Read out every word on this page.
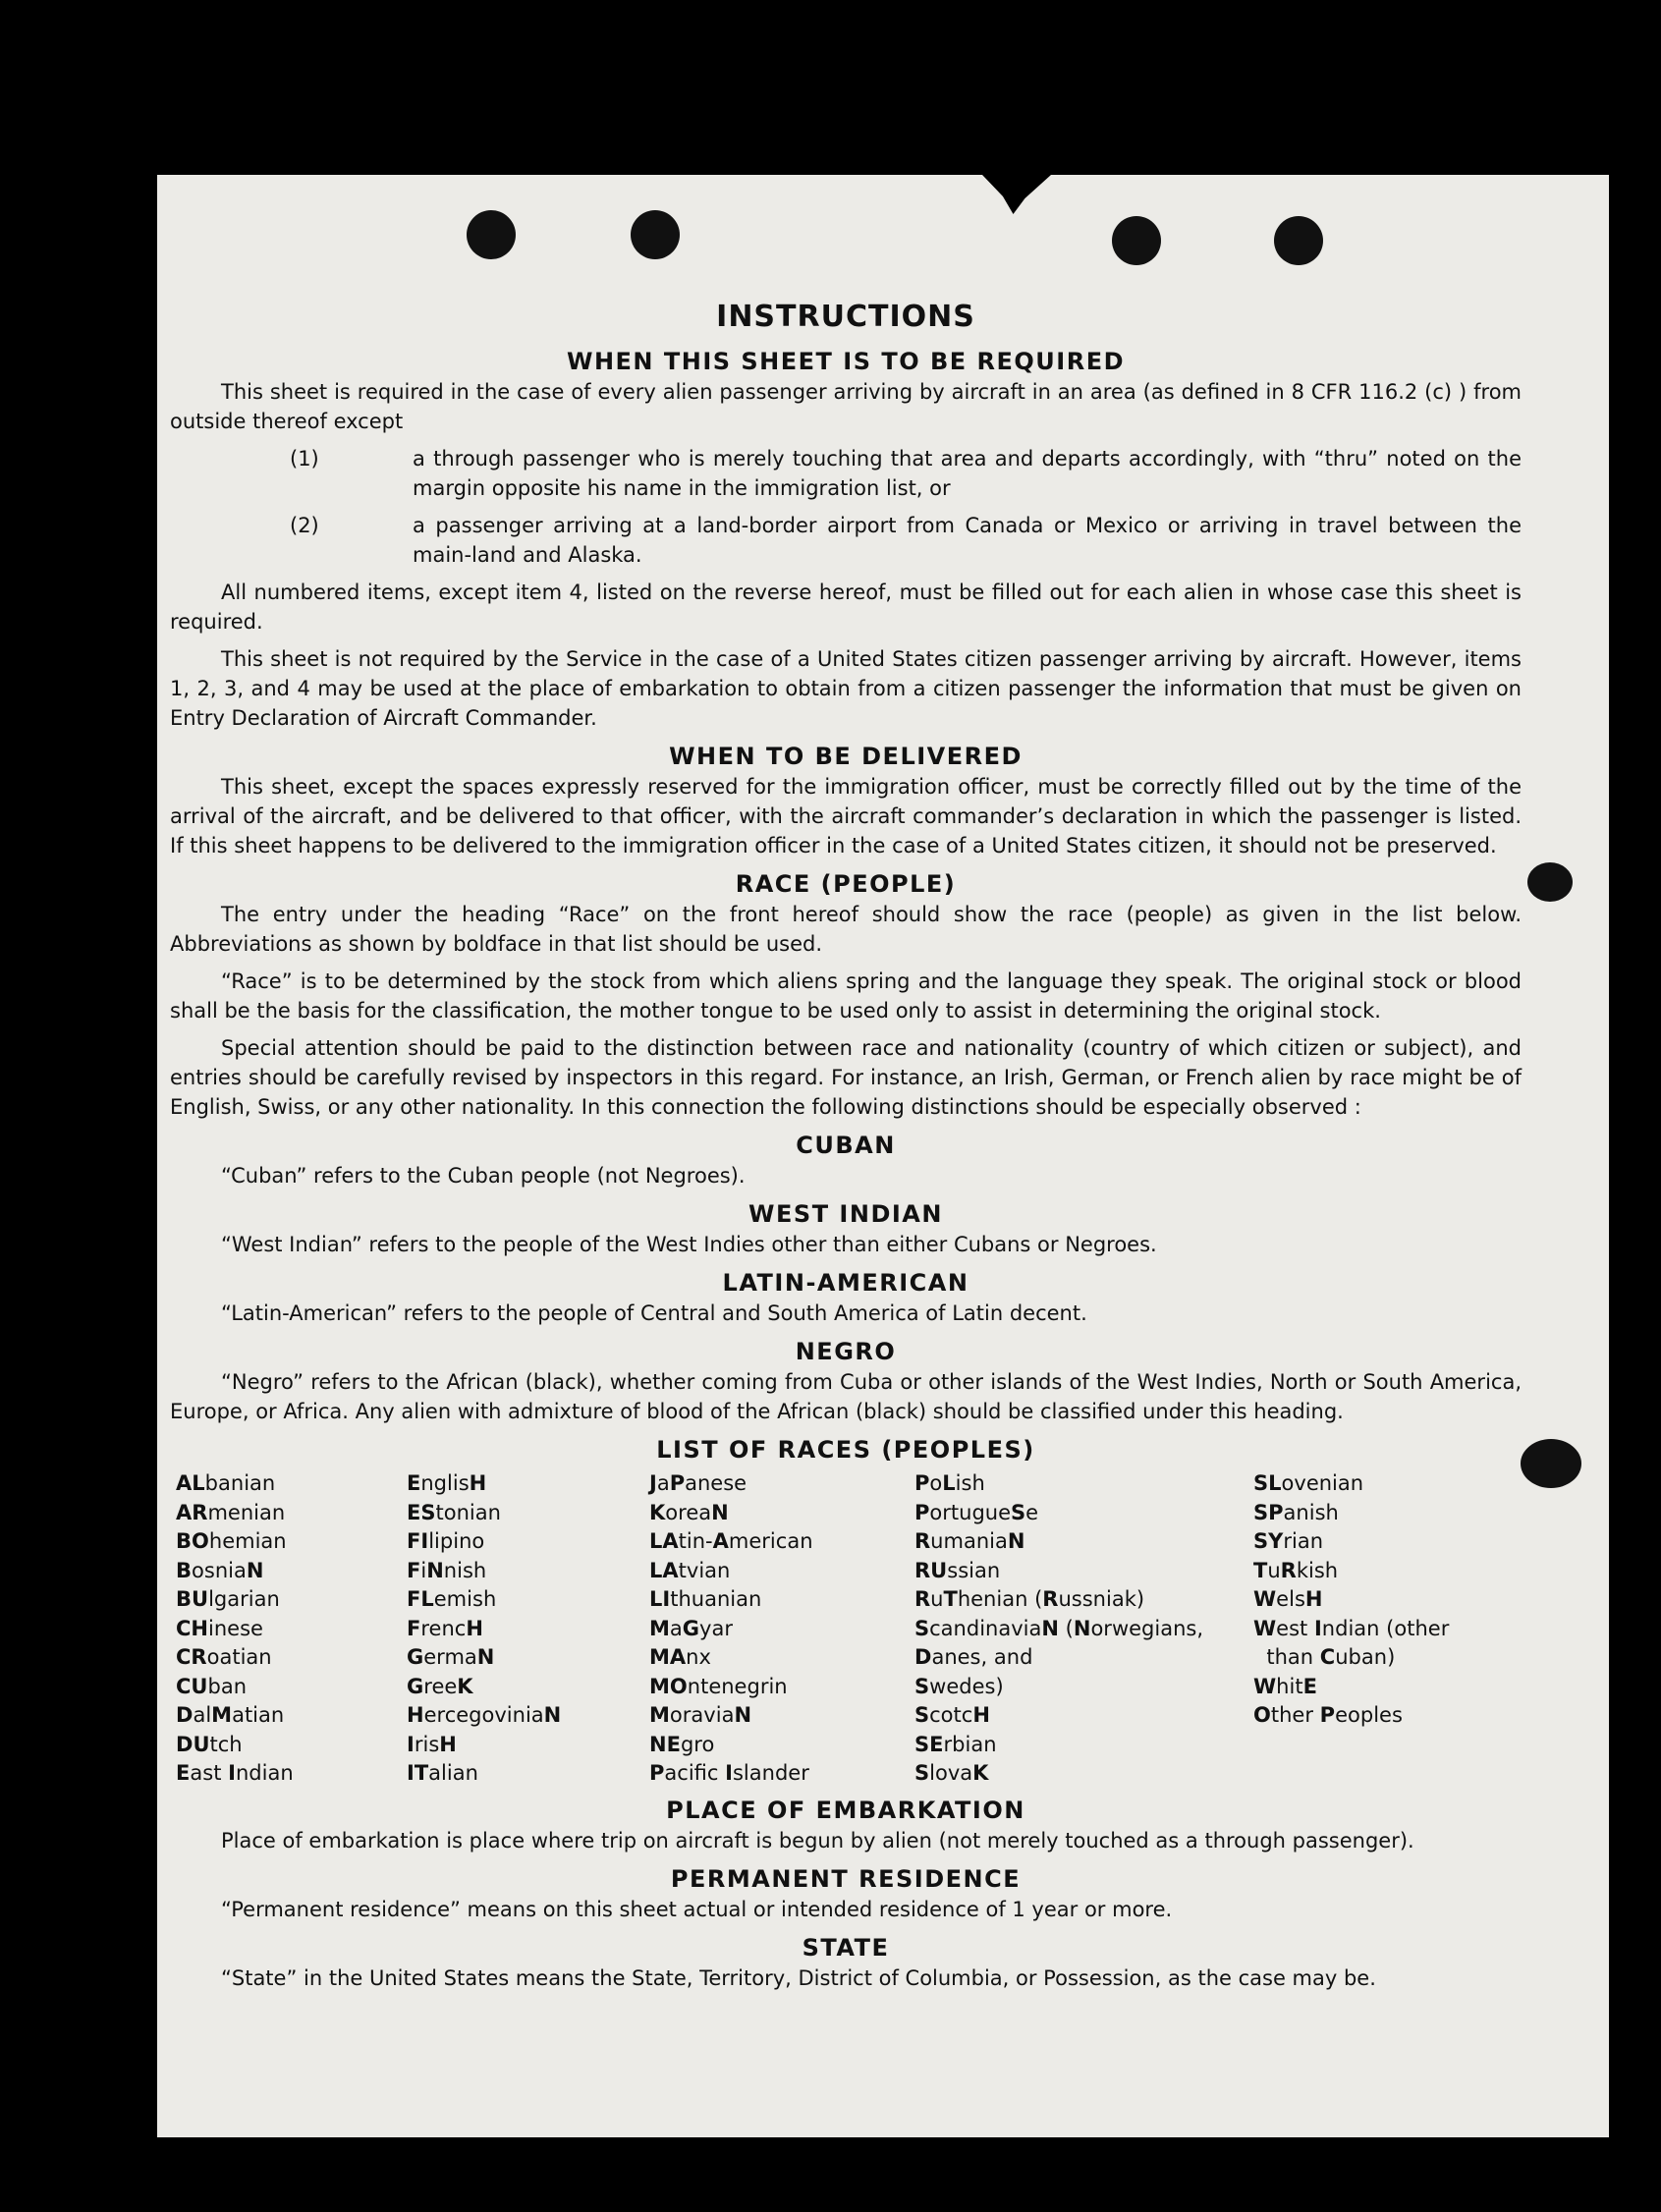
INSTRUCTIONS
WHEN THIS SHEET IS TO BE REQUIRED
This sheet is required in the case of every alien passenger arriving by aircraft in an area (as defined in 8 CFR 116.2 (c) ) from outside thereof except
(1)	a through passenger who is merely touching that area and departs accordingly, with “thru” noted on the margin opposite his name in the immigration list, or
(2)	a passenger arriving at a land-border airport from Canada or Mexico or arriving in travel between the main-land and Alaska.
All numbered items, except item 4, listed on the reverse hereof, must be filled out for each alien in whose case this sheet is required.
This sheet is not required by the Service in the case of a United States citizen passenger arriving by aircraft. However, items 1, 2, 3, and 4 may be used at the place of embarkation to obtain from a citizen passenger the information that must be given on Entry Declaration of Aircraft Commander.
WHEN TO BE DELIVERED
This sheet, except the spaces expressly reserved for the immigration officer, must be correctly filled out by the time of the arrival of the aircraft, and be delivered to that officer, with the aircraft commander’s declaration in which the passenger is listed. If this sheet happens to be delivered to the immigration officer in the case of a United States citizen, it should not be preserved.
RACE (PEOPLE)
The entry under the heading “Race” on the front hereof should show the race (people) as given in the list below. Abbreviations as shown by boldface in that list should be used.
“Race” is to be determined by the stock from which aliens spring and the language they speak. The original stock or blood shall be the basis for the classification, the mother tongue to be used only to assist in determining the original stock.
Special attention should be paid to the distinction between race and nationality (country of which citizen or subject), and entries should be carefully revised by inspectors in this regard. For instance, an Irish, German, or French alien by race might be of English, Swiss, or any other nationality. In this connection the following distinctions should be especially observed :
CUBAN
“Cuban” refers to the Cuban people (not Negroes).
WEST INDIAN
“West Indian” refers to the people of the West Indies other than either Cubans or Negroes.
LATIN-AMERICAN
“Latin-American” refers to the people of Central and South America of Latin decent.
NEGRO
“Negro” refers to the African (black), whether coming from Cuba or other islands of the West Indies, North or South America, Europe, or Africa. Any alien with admixture of blood of the African (black) should be classified under this heading.
LIST OF RACES (PEOPLES)
ALbanian
ARmenian
BOhemian
BosniaN
BUlgarian
CHinese
CRoatian
CUban
DalMatian
DUtch
East Indian
EnglisH
EStonian
FIlipino
FiNnish
FLemish
FrencH
GermaN
GreeK
HercegoviniaN
IrisH
ITalian
JaPanese
KoreaN
LAtin-American
LAtvian
LIthuanian
MaGyar
MAnx
MOntenegrin
MoraviaN
NEgro
Pacifc Islander
PoLish
PortugueSe
RumaniaN
RUssian
RuThenian (Russniak)
ScandinaviaN (Norwegians,
Danes, and
Swedes)
ScotcH
SErbian
SlovaK
SLovenian
SPanish
SYrian
TuRkish
WelsH
West Indian (other
than Cuban)
WhitE
Other Peoples
PLACE OF EMBARKATION
Place of embarkation is place where trip on aircraft is begun by alien (not merely touched as a through passenger).
PERMANENT RESIDENCE
“Permanent residence” means on this sheet actual or intended residence of 1 year or more.
STATE
“State” in the United States means the State, Territory, District of Columbia, or Possession, as the case may be.
